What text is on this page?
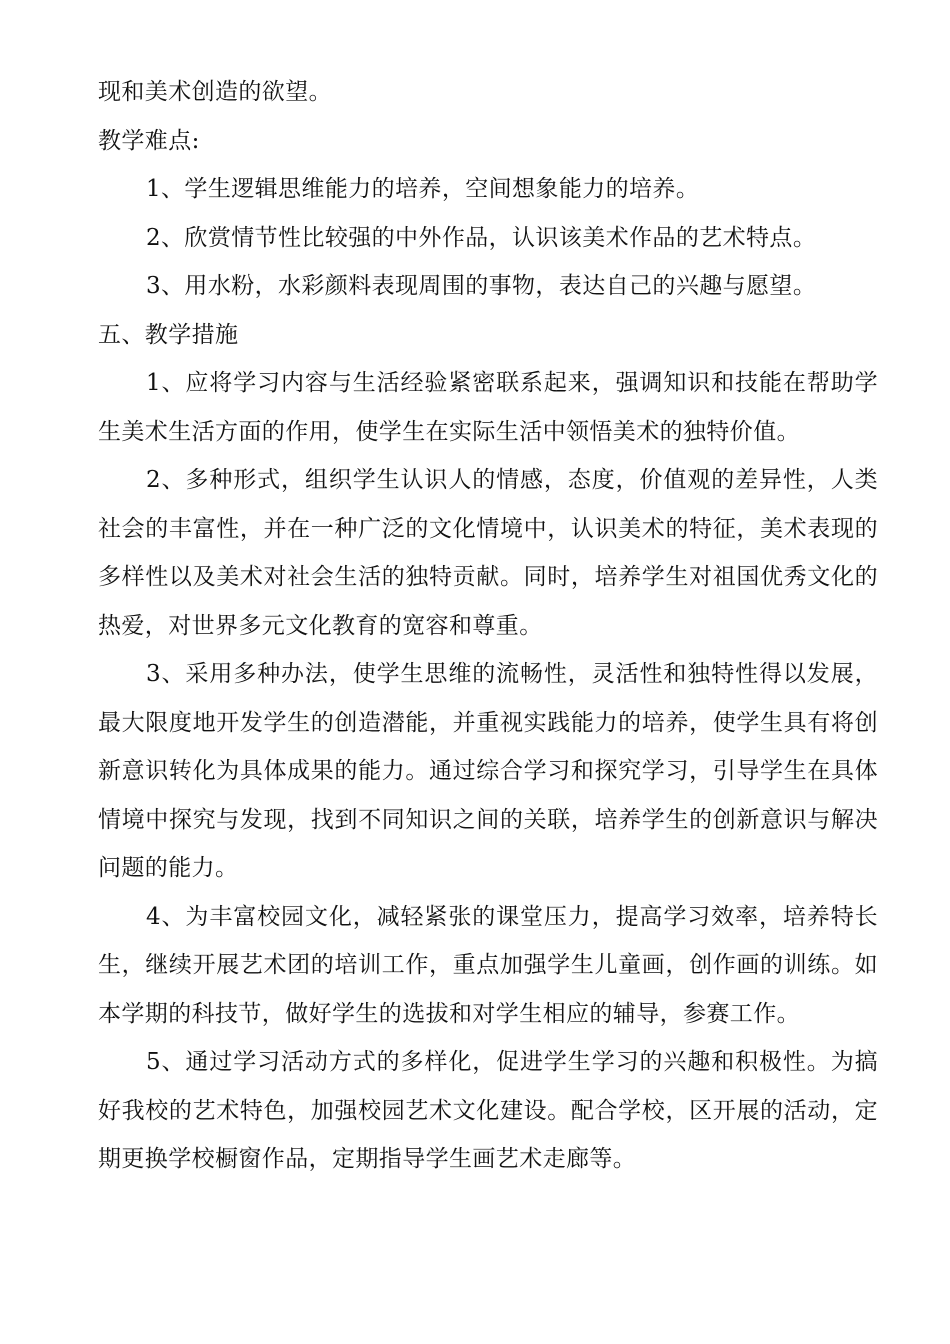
现和美术创造的欲望。

教学难点:

1、学生逻辑思维能力的培养，空间想象能力的培养。

2、欣赏情节性比较强的中外作品，认识该美术作品的艺术特点。

3、用水粉，水彩颜料表现周围的事物，表达自己的兴趣与愿望。

五、教学措施

1、应将学习内容与生活经验紧密联系起来，强调知识和技能在帮助学生美术生活方面的作用，使学生在实际生活中领悟美术的独特价值。

2、多种形式，组织学生认识人的情感，态度，价值观的差异性，人类社会的丰富性，并在一种广泛的文化情境中，认识美术的特征，美术表现的多样性以及美术对社会生活的独特贡献。同时，培养学生对祖国优秀文化的热爱，对世界多元文化教育的宽容和尊重。

3、采用多种办法，使学生思维的流畅性，灵活性和独特性得以发展，最大限度地开发学生的创造潜能，并重视实践能力的培养，使学生具有将创新意识转化为具体成果的能力。通过综合学习和探究学习，引导学生在具体情境中探究与发现，找到不同知识之间的关联，培养学生的创新意识与解决问题的能力。

4、为丰富校园文化，减轻紧张的课堂压力，提高学习效率，培养特长生，继续开展艺术团的培训工作，重点加强学生儿童画，创作画的训练。如本学期的科技节，做好学生的选拔和对学生相应的辅导，参赛工作。

5、通过学习活动方式的多样化，促进学生学习的兴趣和积极性。为搞好我校的艺术特色，加强校园艺术文化建设。配合学校，区开展的活动，定期更换学校橱窗作品，定期指导学生画艺术走廊等。
